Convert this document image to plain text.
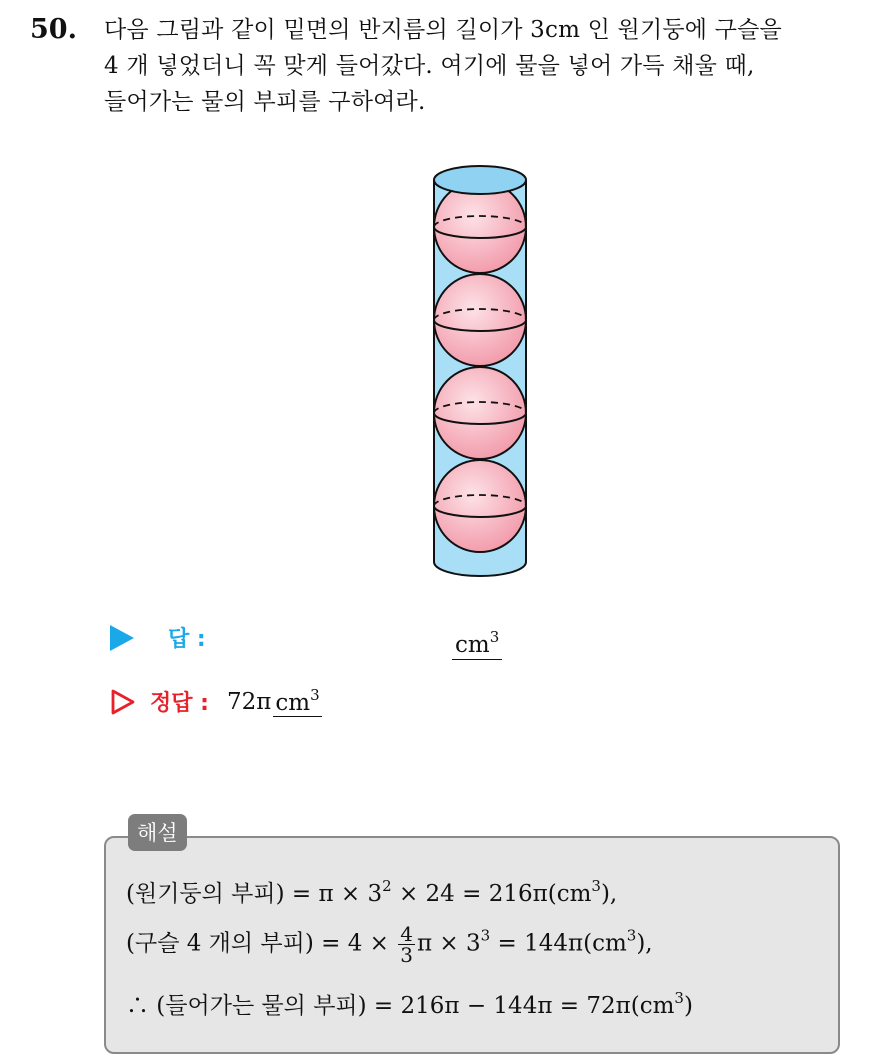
50. 다음 그림과 같이 밑면의 반지름의 길이가 3cm 인 원기둥에 구슬을
4 개 넣었더니 꼭 맞게 들어갔다. 여기에 물을 넣어 가득 채울 때,
들어가는 물의 부피를 구하여라.
답 :	$cm^3$
정답 : 72π $cm^3$
해설
(원기둥의 부피) = $\pi \times 3^2 \times 24 = 216\pi(cm^3)$,
(구슬 4 개의 부피) = $4 \times \frac{4}{3}$ $\pi \times 3^3 = 144\pi(cm^3)$,
∴ (들어가는 물의 부피) = $216\pi - 144\pi = 72\pi(cm^3)$
